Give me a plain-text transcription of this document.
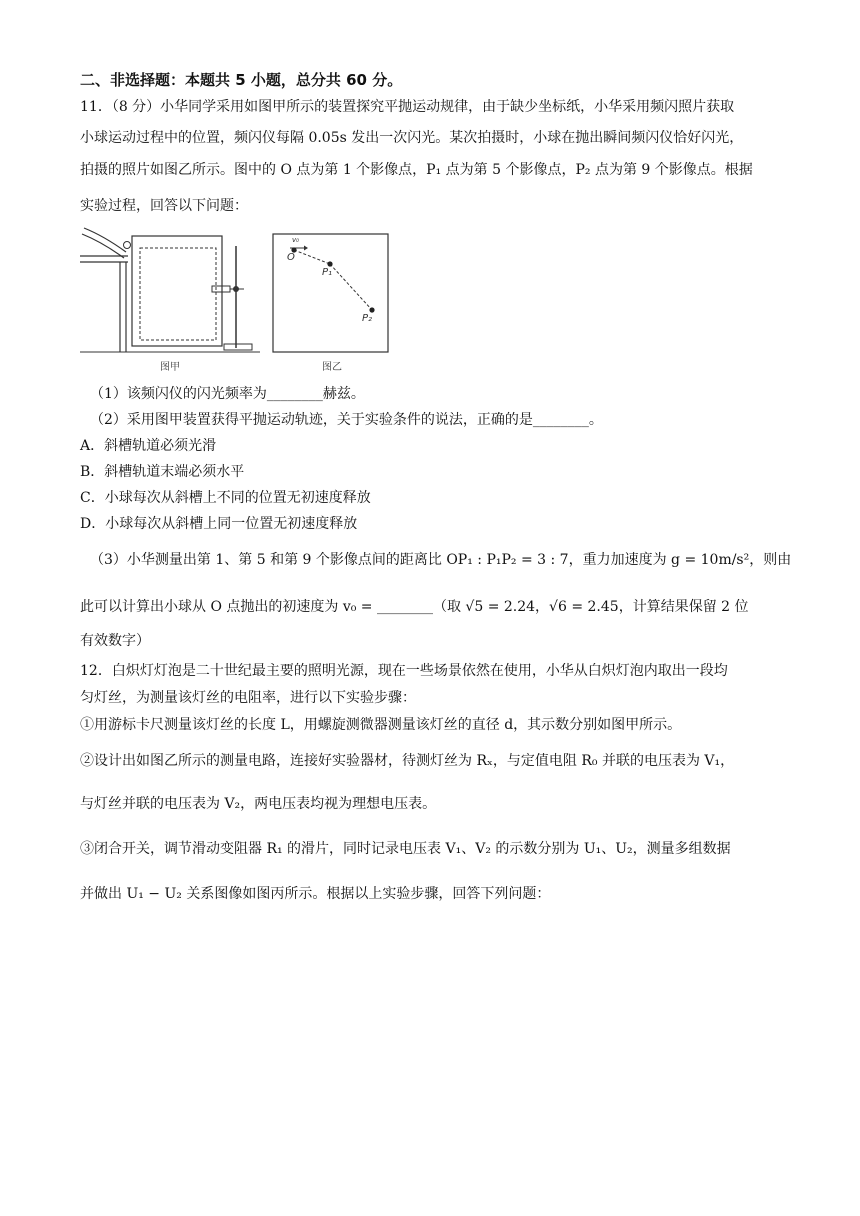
二、非选择题：本题共 5 小题，总分共 60 分。
11．（8 分）小华同学采用如图甲所示的装置探究平抛运动规律，由于缺少坐标纸，小华采用频闪照片获取
小球运动过程中的位置，频闪仪每隔 0.05s 发出一次闪光。某次拍摄时，小球在抛出瞬间频闪仪恰好闪光，
拍摄的照片如图乙所示。图中的 O 点为第 1 个影像点，P₁ 点为第 5 个影像点，P₂ 点为第 9 个影像点。根据
实验过程，回答以下问题：
图甲
v₀
O
P₁
P₂
图乙
（1）该频闪仪的闪光频率为________赫兹。
（2）采用图甲装置获得平抛运动轨迹，关于实验条件的说法，正确的是________。
A．斜槽轨道必须光滑
B．斜槽轨道末端必须水平
C．小球每次从斜槽上不同的位置无初速度释放
D．小球每次从斜槽上同一位置无初速度释放
（3）小华测量出第 1、第 5 和第 9 个影像点间的距离比 OP₁ : P₁P₂ = 3 : 7，重力加速度为 g = 10m/s²，则由
此可以计算出小球从 O 点抛出的初速度为 v₀ = ________（取 √5 = 2.24，√6 = 2.45，计算结果保留 2 位
有效数字）
12．白炽灯灯泡是二十世纪最主要的照明光源，现在一些场景依然在使用，小华从白炽灯泡内取出一段均
匀灯丝，为测量该灯丝的电阻率，进行以下实验步骤：
①用游标卡尺测量该灯丝的长度 L，用螺旋测微器测量该灯丝的直径 d，其示数分别如图甲所示。
②设计出如图乙所示的测量电路，连接好实验器材，待测灯丝为 Rₓ，与定值电阻 R₀ 并联的电压表为 V₁，
与灯丝并联的电压表为 V₂，两电压表均视为理想电压表。
③闭合开关，调节滑动变阻器 R₁ 的滑片，同时记录电压表 V₁、V₂ 的示数分别为 U₁、U₂，测量多组数据
并做出 U₁ − U₂ 关系图像如图丙所示。根据以上实验步骤，回答下列问题：
